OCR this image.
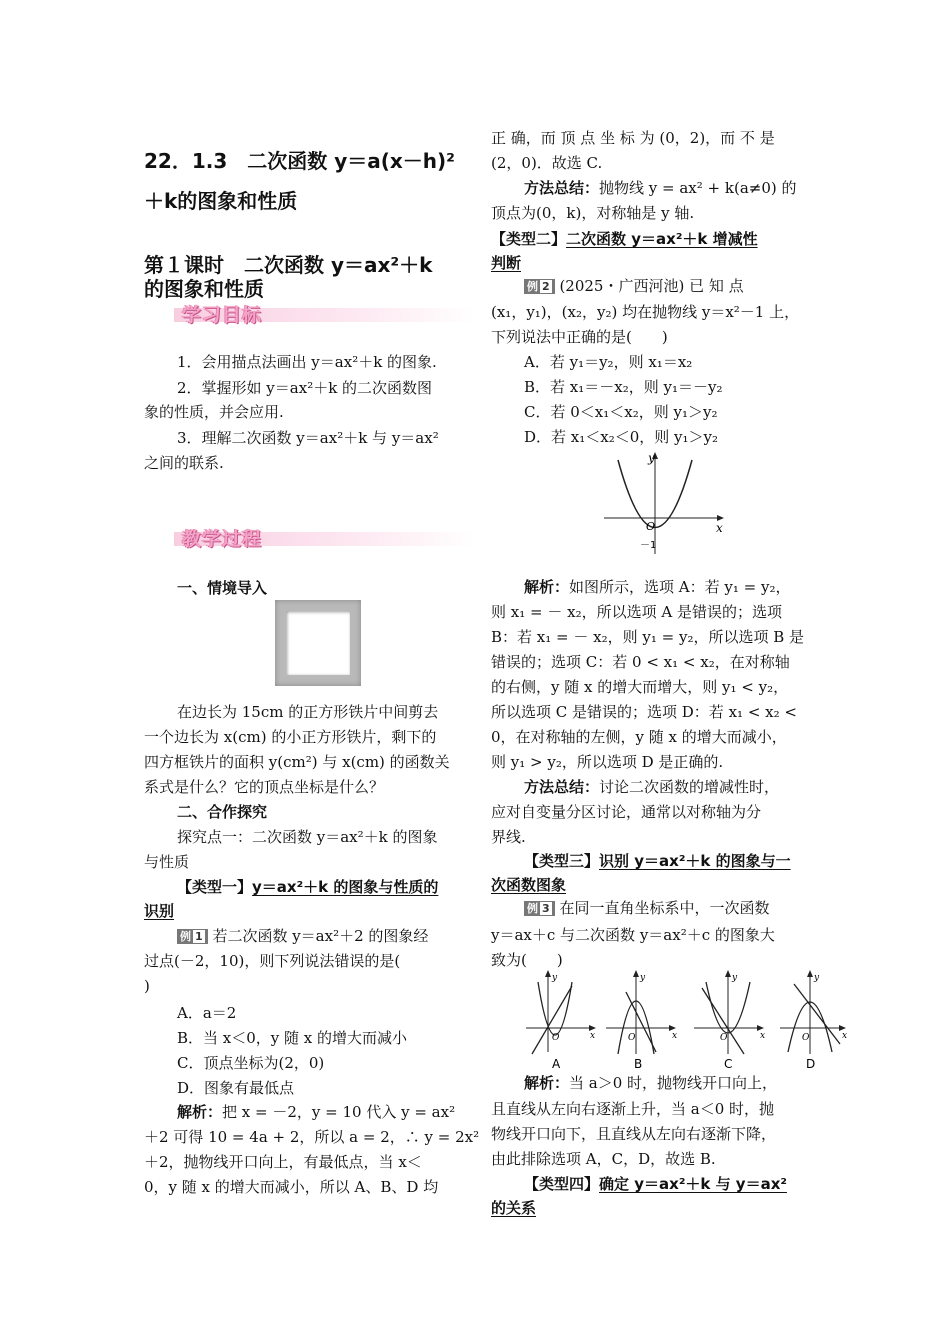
22．1.3　二次函数 y＝a(x－h)²
＋k的图象和性质
第１课时　二次函数 y＝ax²＋k
的图象和性质
学习目标
1．会用描点法画出 y＝ax²＋k 的图象.
2．掌握形如 y＝ax²＋k 的二次函数图
象的性质，并会应用.
3．理解二次函数 y＝ax²＋k 与 y＝ax²
之间的联系.
教学过程
一、情境导入
在边长为 15cm 的正方形铁片中间剪去
一个边长为 x(cm) 的小正方形铁片，剩下的
四方框铁片的面积 y(cm²) 与 x(cm) 的函数关
系式是什么？它的顶点坐标是什么？
二、合作探究
探究点一：二次函数 y＝ax²＋k 的图象
与性质
【类型一】y＝ax²＋k 的图象与性质的
识别
例 1 若二次函数 y＝ax²＋2 的图象经
过点(－2，10)，则下列说法错误的是(
)
A．a＝2
B．当 x＜0，y 随 x 的增大而减小
C．顶点坐标为(2，0)
D．图象有最低点
解析：把 x = －2，y = 10 代入 y = ax²
＋2 可得 10 = 4a + 2，所以 a = 2，∴ y = 2x²
＋2，抛物线开口向上，有最低点，当 x＜
0，y 随 x 的增大而减小，所以 A、B、D 均
正 确，而 顶 点 坐 标 为 (0，2)，而 不 是
(2，0)．故选 C.
方法总结：抛物线 y = ax² + k(a≠0) 的
顶点为(0，k)，对称轴是 y 轴.
【类型二】二次函数 y＝ax²＋k 增减性
判断
例 2 (2025・广西河池) 已 知 点
(x₁，y₁)，(x₂，y₂) 均在抛物线 y＝x²－1 上，
下列说法中正确的是(　　)
A．若 y₁＝y₂，则 x₁＝x₂
B．若 x₁＝－x₂，则 y₁＝－y₂
C．若 0＜x₁＜x₂，则 y₁＞y₂
D．若 x₁＜x₂＜0，则 y₁＞y₂
y
x
O
－1
解析：如图所示，选项 A：若 y₁ = y₂，
则 x₁ = － x₂，所以选项 A 是错误的；选项
B：若 x₁ = － x₂，则 y₁ = y₂，所以选项 B 是
错误的；选项 C：若 0 < x₁ < x₂，在对称轴
的右侧，y 随 x 的增大而增大，则 y₁ < y₂，
所以选项 C 是错误的；选项 D：若 x₁ < x₂ <
0，在对称轴的左侧，y 随 x 的增大而减小，
则 y₁ > y₂，所以选项 D 是正确的.
方法总结：讨论二次函数的增减性时，
应对自变量分区讨论，通常以对称轴为分
界线.
【类型三】识别 y＝ax²＋k 的图象与一
次函数图象
例 3 在同一直角坐标系中，一次函数
y＝ax＋c 与二次函数 y＝ax²＋c 的图象大
致为(　　)
O
y
x
A
O
y
x
B
O
y
x
C
O
y
x
D
解析：当 a＞0 时，抛物线开口向上，
且直线从左向右逐渐上升，当 a＜0 时，抛
物线开口向下，且直线从左向右逐渐下降，
由此排除选项 A，C，D，故选 B.
【类型四】确定 y＝ax²＋k 与 y＝ax²
的关系
